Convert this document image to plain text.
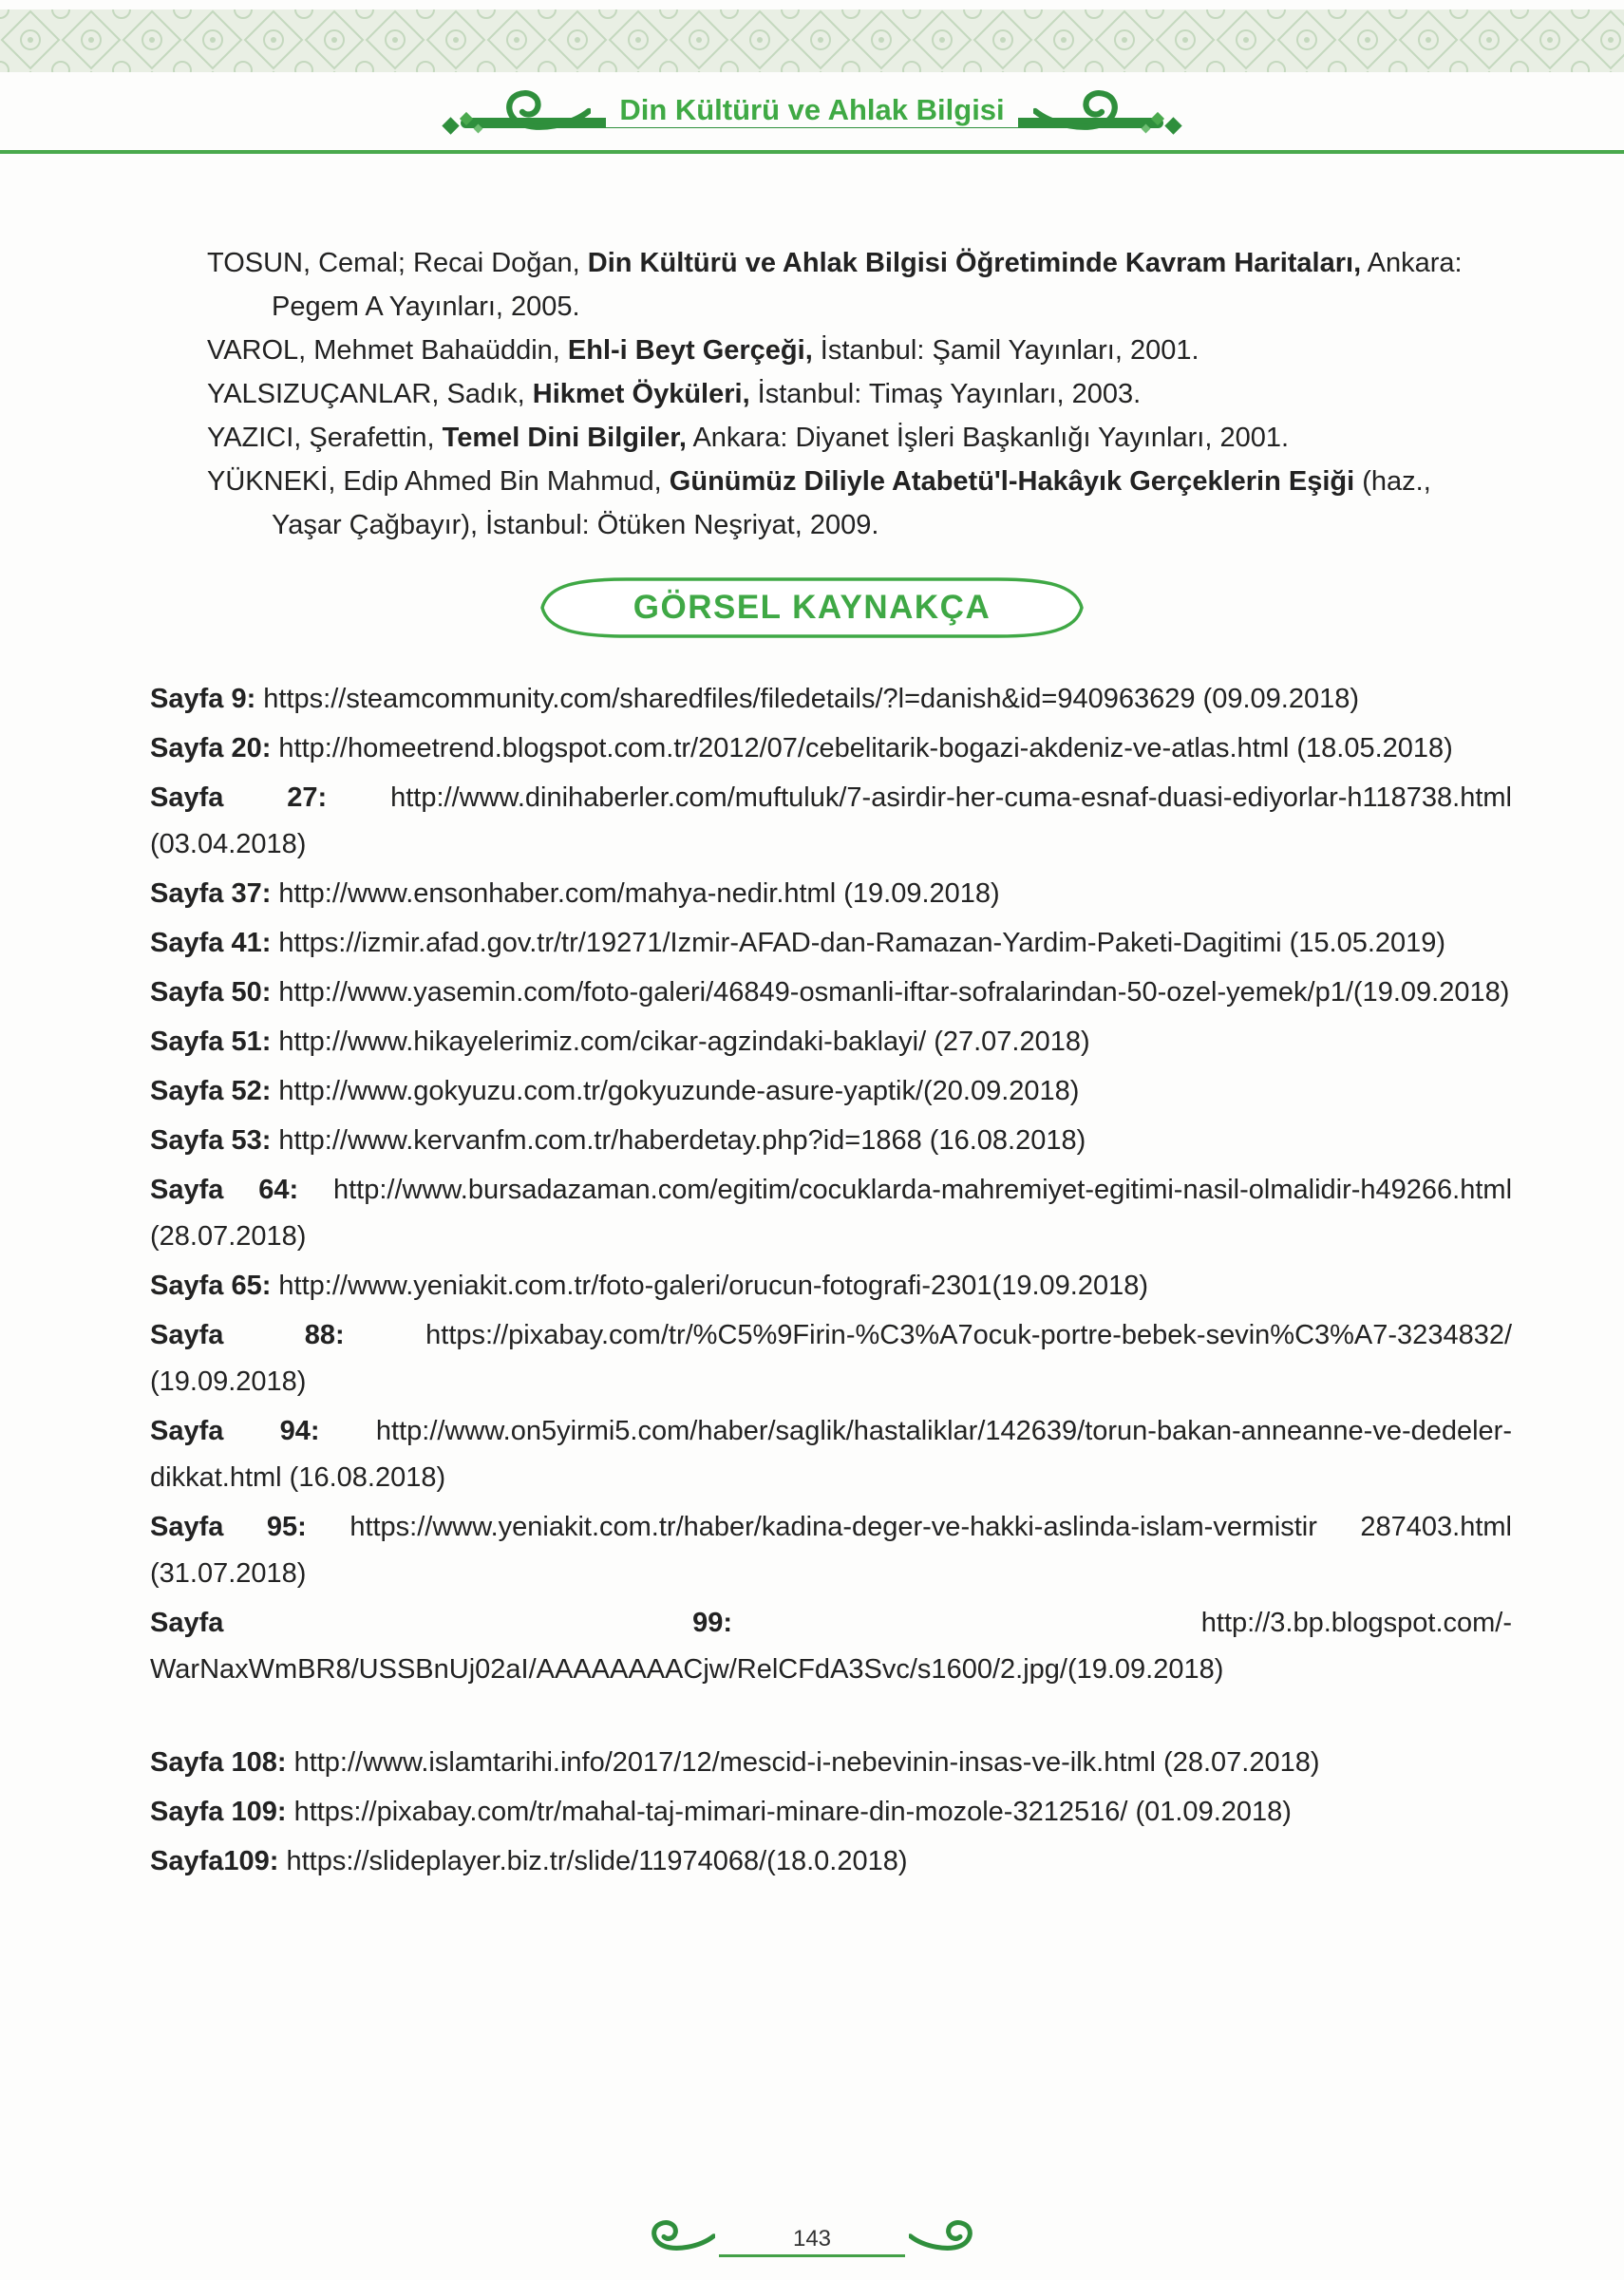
Din Kültürü ve Ahlak Bilgisi

TOSUN, Cemal; Recai Doğan, Din Kültürü ve Ahlak Bilgisi Öğretiminde Kavram Haritaları, Ankara: Pegem A Yayınları, 2005.

VAROL, Mehmet Bahaüddin, Ehl-i Beyt Gerçeği, İstanbul: Şamil Yayınları, 2001.

YALSIZUÇANLAR, Sadık, Hikmet Öyküleri, İstanbul: Timaş Yayınları, 2003.

YAZICI, Şerafettin, Temel Dini Bilgiler, Ankara: Diyanet İşleri Başkanlığı Yayınları, 2001.

YÜKNEKİ, Edip Ahmed Bin Mahmud, Günümüz Diliyle Atabetü'l-Hakâyık Gerçeklerin Eşiği (haz., Yaşar Çağbayır), İstanbul: Ötüken Neşriyat, 2009.

GÖRSEL KAYNAKÇA

Sayfa 9: https://steamcommunity.com/sharedfiles/filedetails/?l=danish&id=940963629 (09.09.2018)

Sayfa 20: http://homeetrend.blogspot.com.tr/2012/07/cebelitarik-bogazi-akdeniz-ve-atlas.html (18.05.2018)

Sayfa 27: http://www.dinihaberler.com/muftuluk/7-asirdir-her-cuma-esnaf-duasi-ediyorlar-h118738.html (03.04.2018)

Sayfa 37: http://www.ensonhaber.com/mahya-nedir.html (19.09.2018)

Sayfa 41: https://izmir.afad.gov.tr/tr/19271/Izmir-AFAD-dan-Ramazan-Yardim-Paketi-Dagitimi (15.05.2019)

Sayfa 50: http://www.yasemin.com/foto-galeri/46849-osmanli-iftar-sofralarindan-50-ozel-yemek/p1/(19.09.2018)

Sayfa 51: http://www.hikayelerimiz.com/cikar-agzindaki-baklayi/ (27.07.2018)

Sayfa 52: http://www.gokyuzu.com.tr/gokyuzunde-asure-yaptik/(20.09.2018)

Sayfa 53: http://www.kervanfm.com.tr/haberdetay.php?id=1868 (16.08.2018)

Sayfa 64: http://www.bursadazaman.com/egitim/cocuklarda-mahremiyet-egitimi-nasil-olmalidir-h49266.html (28.07.2018)

Sayfa 65: http://www.yeniakit.com.tr/foto-galeri/orucun-fotografi-2301(19.09.2018)

Sayfa 88:	https://pixabay.com/tr/%C5%9Firin-%C3%A7ocuk-portre-bebek-sevin%C3%A7-3234832/ (19.09.2018)

Sayfa 94: http://www.on5yirmi5.com/haber/saglik/hastaliklar/142639/torun-bakan-anneanne-ve-dedeler-dikkat.html (16.08.2018)

Sayfa 95: https://www.yeniakit.com.tr/haber/kadina-deger-ve-hakki-aslinda-islam-vermistir 287403.html (31.07.2018)

Sayfa 99:	http://3.bp.blogspot.com/-WarNaxWmBR8/USSBnUj02aI/AAAAAAAACjw/RelCFdA3Svc/s1600/2.jpg/(19.09.2018)

Sayfa 108: http://www.islamtarihi.info/2017/12/mescid-i-nebevinin-insas-ve-ilk.html (28.07.2018)

Sayfa 109: https://pixabay.com/tr/mahal-taj-mimari-minare-din-mozole-3212516/ (01.09.2018)

Sayfa109: https://slideplayer.biz.tr/slide/11974068/(18.0.2018)

143
